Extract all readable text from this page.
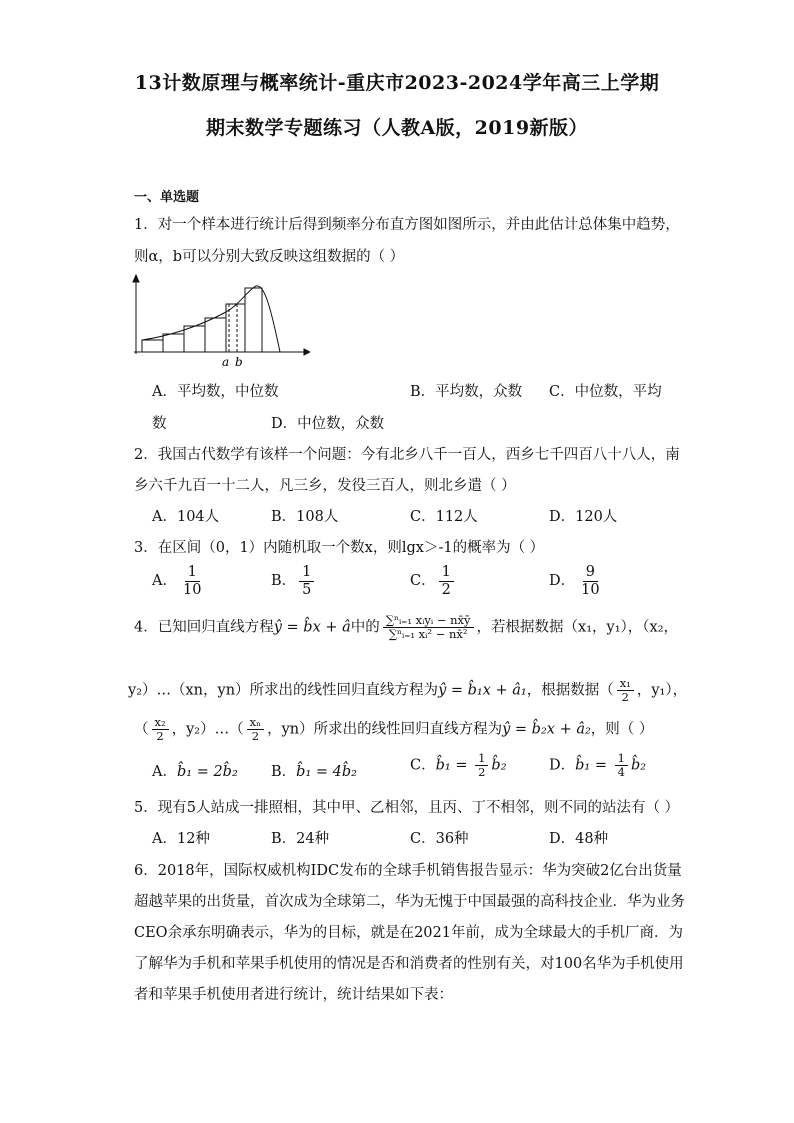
13计数原理与概率统计-重庆市2023-2024学年高三上学期
期末数学专题练习（人教A版，2019新版）
一、单选题
1．对一个样本进行统计后得到频率分布直方图如图所示，并由此估计总体集中趋势，
则α，b可以分别大致反映这组数据的（ ）
a b
A．平均数，中位数	B．平均数，众数 C．中位数，平均
数	D．中位数，众数
2．我国古代数学有该样一个问题：今有北乡八千一百人，西乡七千四百八十八人，南
乡六千九百一十二人，凡三乡，发役三百人，则北乡遣（ ）
A．104人	B．108人	C．112人	D．120人
3．在区间（0，1）内随机取一个数x，则lgx＞-1的概率为（ ）
A． $\frac{1}{10}$	B． $\frac{1}{5}$	C． $\frac{1}{2}$	D． $\frac{9}{10}$
4．已知回归直线方程ŷ = b̂x + â中的 $\frac{\text{∑ⁿᵢ₌₁ xᵢyᵢ − nx̄ȳ}}{\text{∑ⁿᵢ₌₁ xᵢ² − nx̄²}}$ ，若根据数据（x₁，y₁），（x₂，
y₂）…（xn，yn）所求出的线性回归直线方程为ŷ = b̂₁x + â₁，根据数据（ $\frac{\text{x₁}}{2}$ ，y₁），
（ $\frac{\text{x₂}}{2}$ ，y₂）…（ $\frac{\text{xₙ}}{2}$ ，yn）所求出的线性回归直线方程为ŷ = b̂₂x + â₂，则（ ）
A．b̂₁ = 2b̂₂ B．b̂₁ = 4b̂₂	C．b̂₁ = $\frac{1}{2}$ b̂₂	D．b̂₁ = $\frac{1}{4}$ b̂₂
5．现有5人站成一排照相，其中甲、乙相邻，且丙、丁不相邻，则不同的站法有（ ）
A．12种	B．24种	C．36种	D．48种
6．2018年，国际权威机构IDC发布的全球手机销售报告显示：华为突破2亿台出货量
超越苹果的出货量，首次成为全球第二，华为无愧于中国最强的高科技企业．华为业务
CEO余承东明确表示，华为的目标，就是在2021年前，成为全球最大的手机厂商．为
了解华为手机和苹果手机使用的情况是否和消费者的性别有关，对100名华为手机使用
者和苹果手机使用者进行统计，统计结果如下表：
